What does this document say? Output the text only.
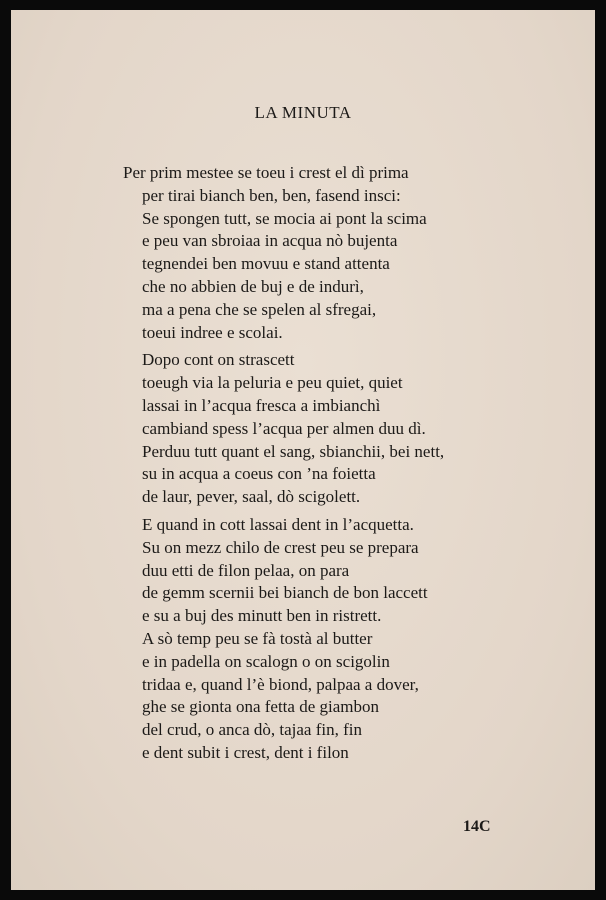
LA MINUTA
Per prim mestee se toeu i crest el dì prima
per tirai bianch ben, ben, fasend insci:
Se spongen tutt, se mocia ai pont la scima
e peu van sbroiaa in acqua nò bujenta
tegnendei ben movuu e stand attenta
che no abbien de buj e de indurì,
ma a pena che se spelen al sfregai,
toeui indree e scolai.
Dopo cont on strascett
toeugh via la peluria e peu quiet, quiet
lassai in l’acqua fresca a imbianchì
cambiand spess l’acqua per almen duu dì.
Perduu tutt quant el sang, sbianchii, bei nett,
su in acqua a coeus con ’na foietta
de laur, pever, saal, dò scigolett.
E quand in cott lassai dent in l’acquetta.
Su on mezz chilo de crest peu se prepara
duu etti de filon pelaa, on para
de gemm scernii bei bianch de bon laccett
e su a buj des minutt ben in ristrett.
A sò temp peu se fà tostà al butter
e in padella on scalogn o on scigolin
tridaa e, quand l’è biond, palpaa a dover,
ghe se gionta ona fetta de giambon
del crud, o anca dò, tajaa fin, fin
e dent subit i crest, dent i filon
14С
